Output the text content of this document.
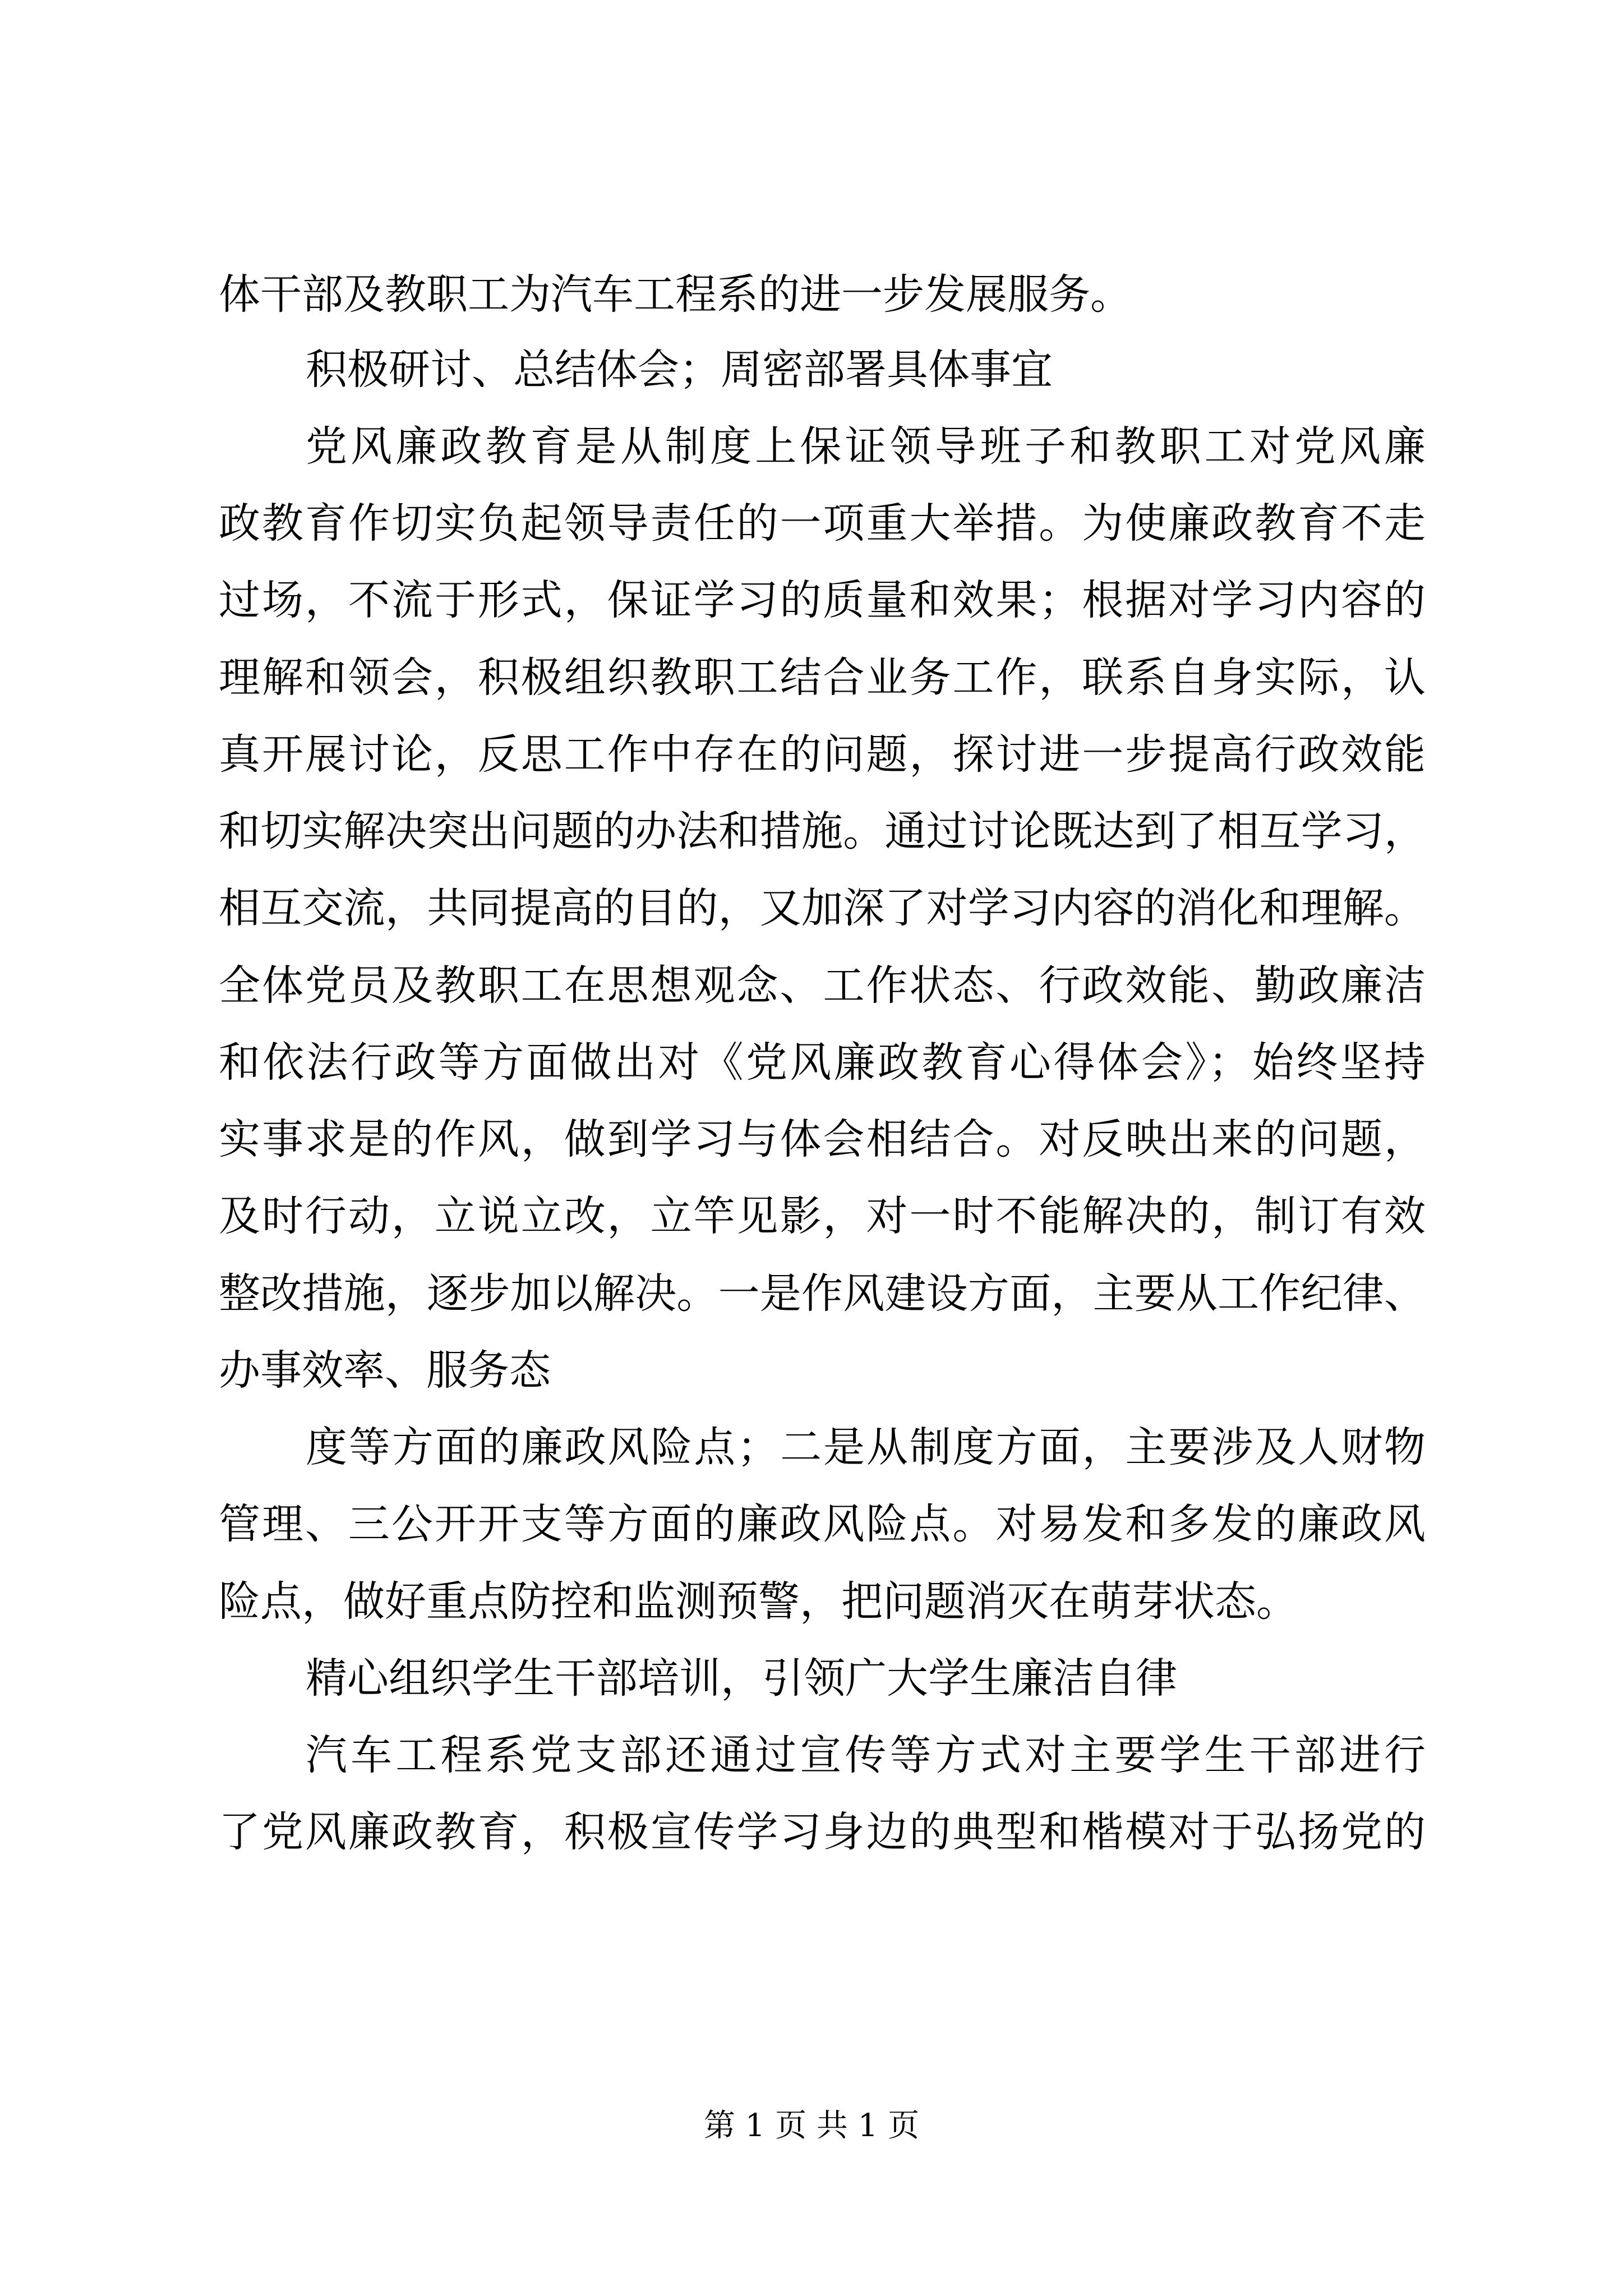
体干部及教职工为汽车工程系的进一步发展服务。
积极研讨、总结体会；周密部署具体事宜
党风廉政教育是从制度上保证领导班子和教职工对党风廉
政教育作切实负起领导责任的一项重大举措。为使廉政教育不走
过场，不流于形式，保证学习的质量和效果；根据对学习内容的
理解和领会，积极组织教职工结合业务工作，联系自身实际，认
真开展讨论，反思工作中存在的问题，探讨进一步提高行政效能
和切实解决突出问题的办法和措施。通过讨论既达到了相互学习，
相互交流，共同提高的目的，又加深了对学习内容的消化和理解。
全体党员及教职工在思想观念、工作状态、行政效能、勤政廉洁
和依法行政等方面做出对《党风廉政教育心得体会》；始终坚持
实事求是的作风，做到学习与体会相结合。对反映出来的问题，
及时行动，立说立改，立竿见影，对一时不能解决的，制订有效
整改措施，逐步加以解决。一是作风建设方面，主要从工作纪律、
办事效率、服务态
度等方面的廉政风险点；二是从制度方面，主要涉及人财物
管理、三公开开支等方面的廉政风险点。对易发和多发的廉政风
险点，做好重点防控和监测预警，把问题消灭在萌芽状态。
精心组织学生干部培训，引领广大学生廉洁自律
汽车工程系党支部还通过宣传等方式对主要学生干部进行
了党风廉政教育，积极宣传学习身边的典型和楷模对于弘扬党的
第 1 页 共 1 页
